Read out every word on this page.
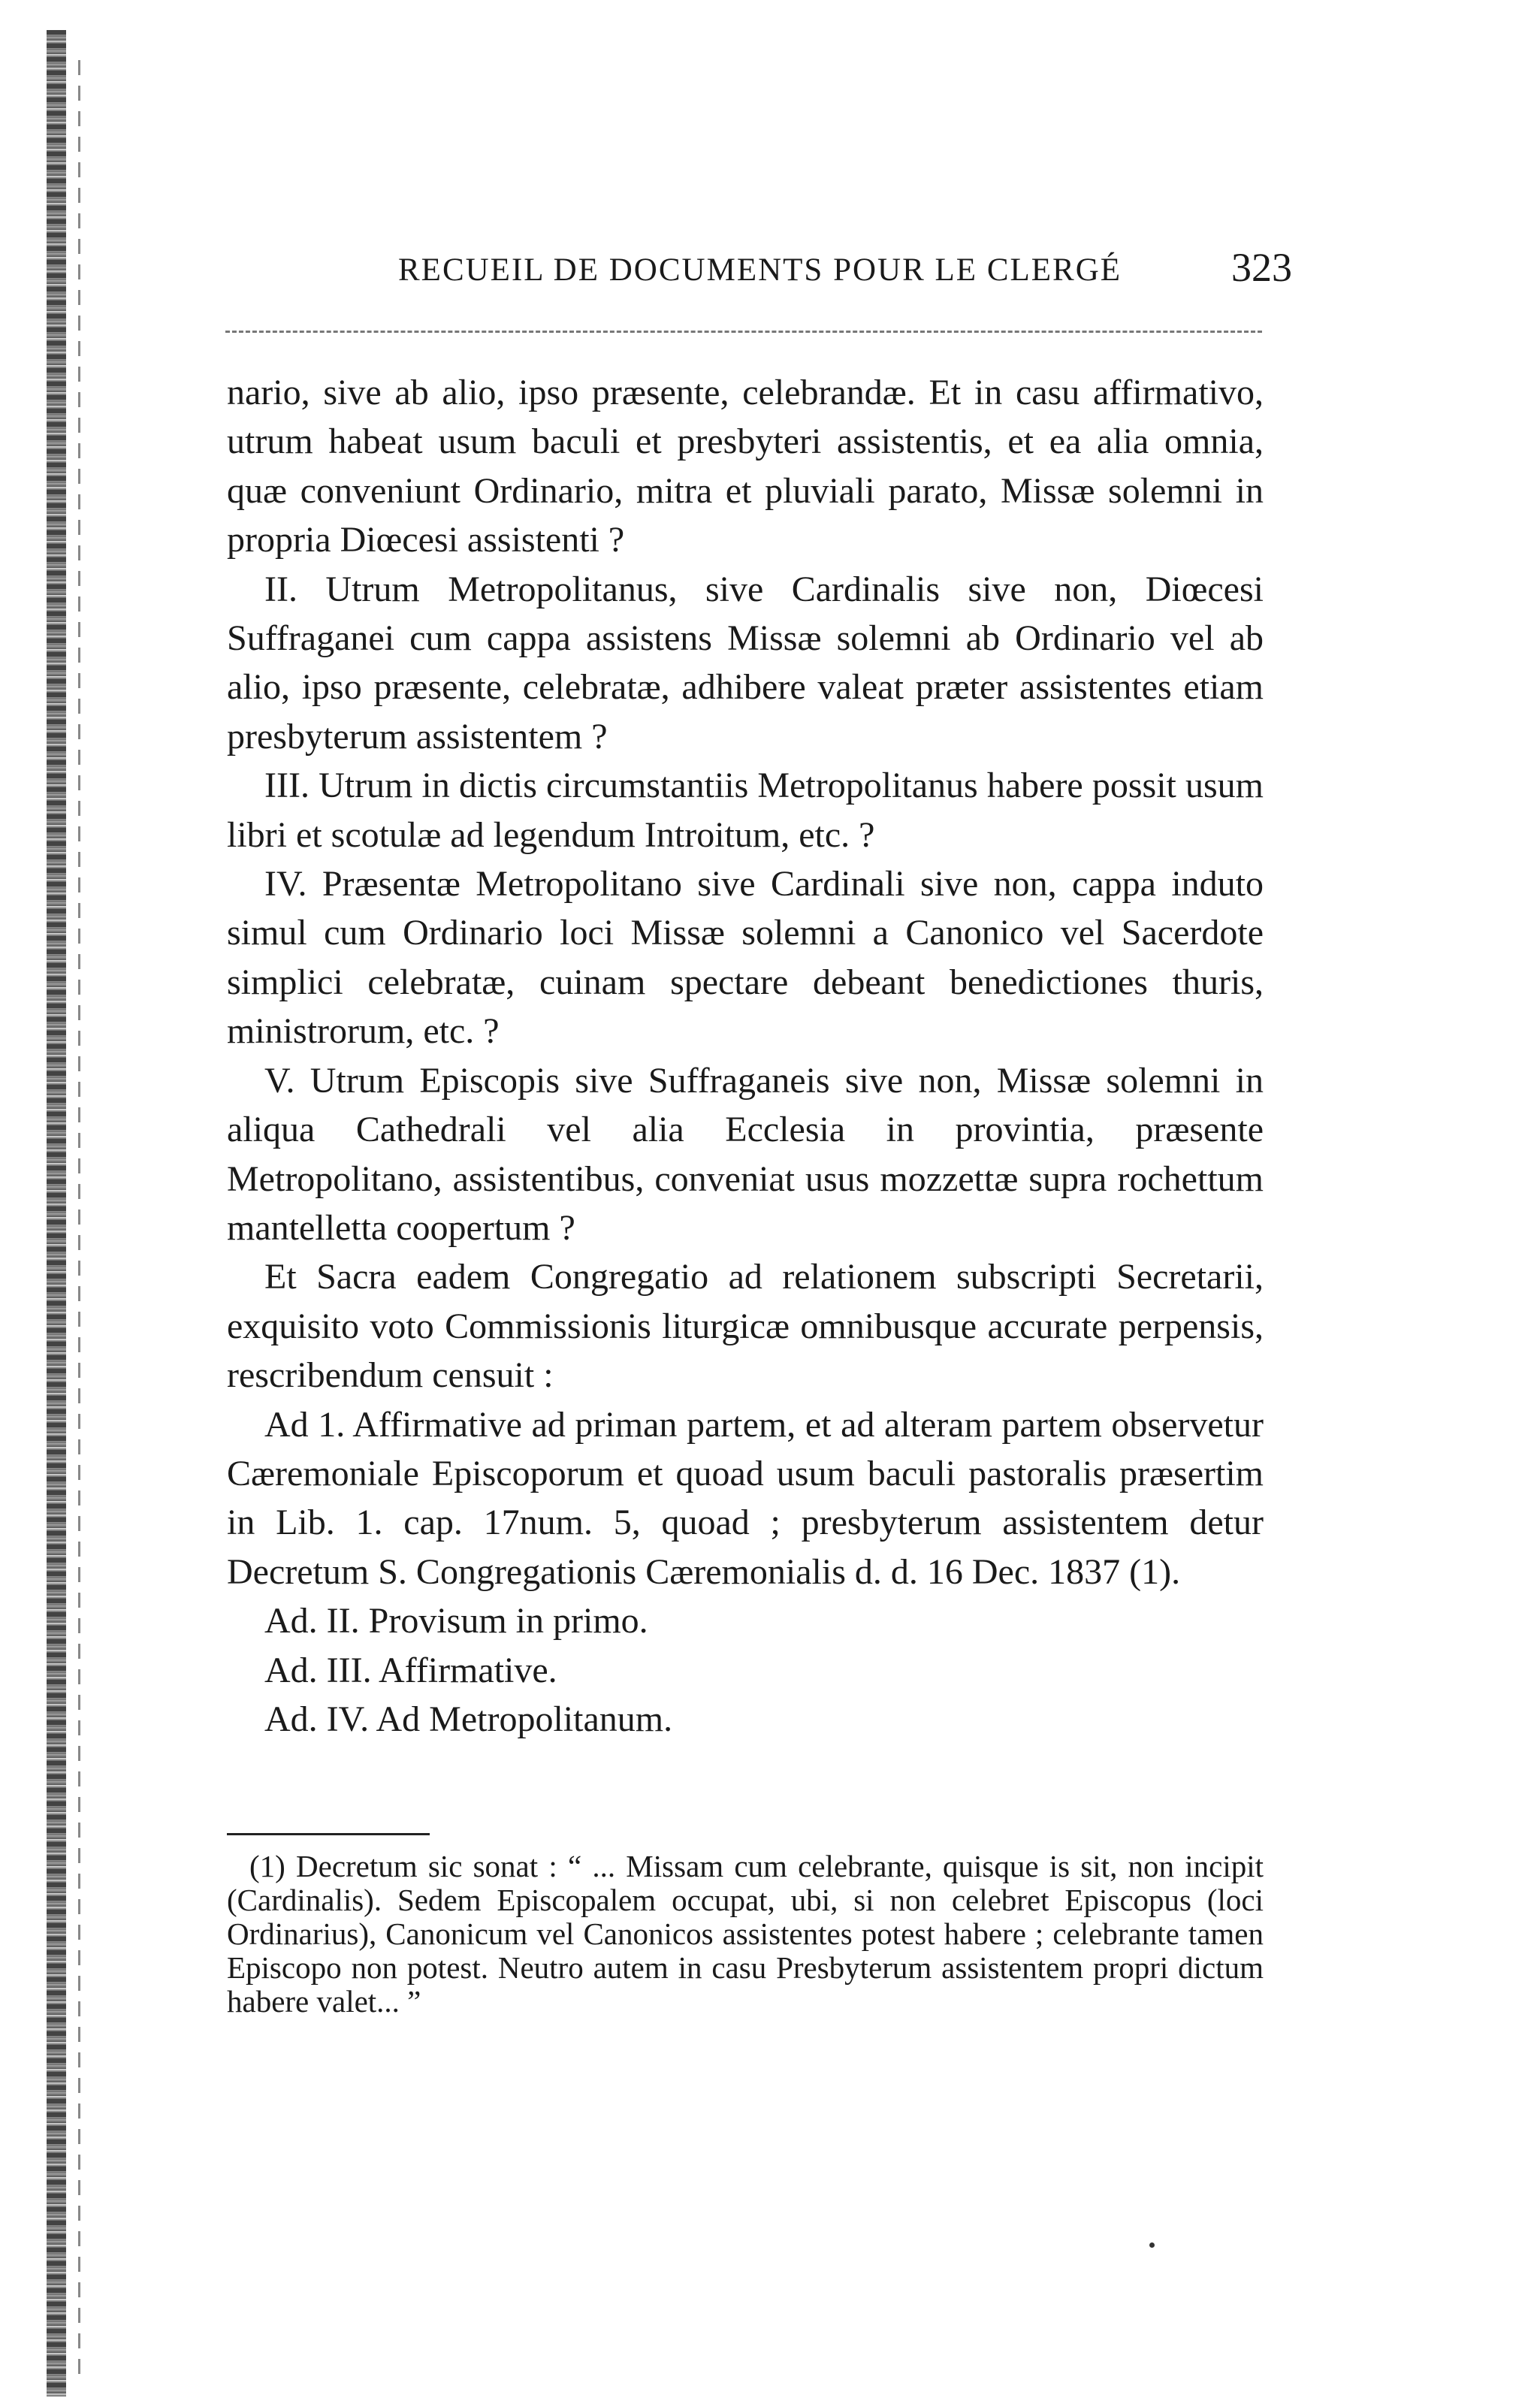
RECUEIL DE DOCUMENTS POUR LE CLERGÉ	323

nario, sive ab alio, ipso præsente, celebrandæ. Et in casu affirmativo, utrum habeat usum baculi et presbyteri assistentis, et ea alia omnia, quæ conveniunt Ordinario, mitra et pluviali parato, Missæ solemni in propria Diœcesi assistenti ?

II. Utrum Metropolitanus, sive Cardinalis sive non, Diœcesi Suffraganei cum cappa assistens Missæ solemni ab Ordinario vel ab alio, ipso præsente, celebratæ, adhibere valeat præter assistentes etiam presbyterum assistentem ?

III. Utrum in dictis circumstantiis Metropolitanus habere possit usum libri et scotulæ ad legendum Introitum, etc. ?

IV. Præsentæ Metropolitano sive Cardinali sive non, cappa induto simul cum Ordinario loci Missæ solemni a Canonico vel Sacerdote simplici celebratæ, cuinam spectare debeant benedictiones thuris, ministrorum, etc. ?

V. Utrum Episcopis sive Suffraganeis sive non, Missæ solemni in aliqua Cathedrali vel alia Ecclesia in provintia, præsente Metropolitano, assistentibus, conveniat usus mozzettæ supra rochettum mantelletta coopertum ?

Et Sacra eadem Congregatio ad relationem subscripti Secretarii, exquisito voto Commissionis liturgicæ omnibusque accurate perpensis, rescribendum censuit :

Ad 1. Affirmative ad priman partem, et ad alteram partem observetur Cæremoniale Episcoporum et quoad usum baculi pastoralis præsertim in Lib. 1. cap. 17num. 5, quoad ; presbyterum assistentem detur Decretum S. Congregationis Cæremonialis d. d. 16 Dec. 1837 (1).

Ad. II. Provisum in primo.

Ad. III. Affirmative.

Ad. IV. Ad Metropolitanum.

(1) Decretum sic sonat : “ ... Missam cum celebrante, quisque is sit, non incipit (Cardinalis). Sedem Episcopalem occupat, ubi, si non celebret Episcopus (loci Ordinarius), Canonicum vel Canonicos assistentes potest habere ; celebrante tamen Episcopo non potest. Neutro autem in casu Presbyterum assistentem propri dictum habere valet... ”
